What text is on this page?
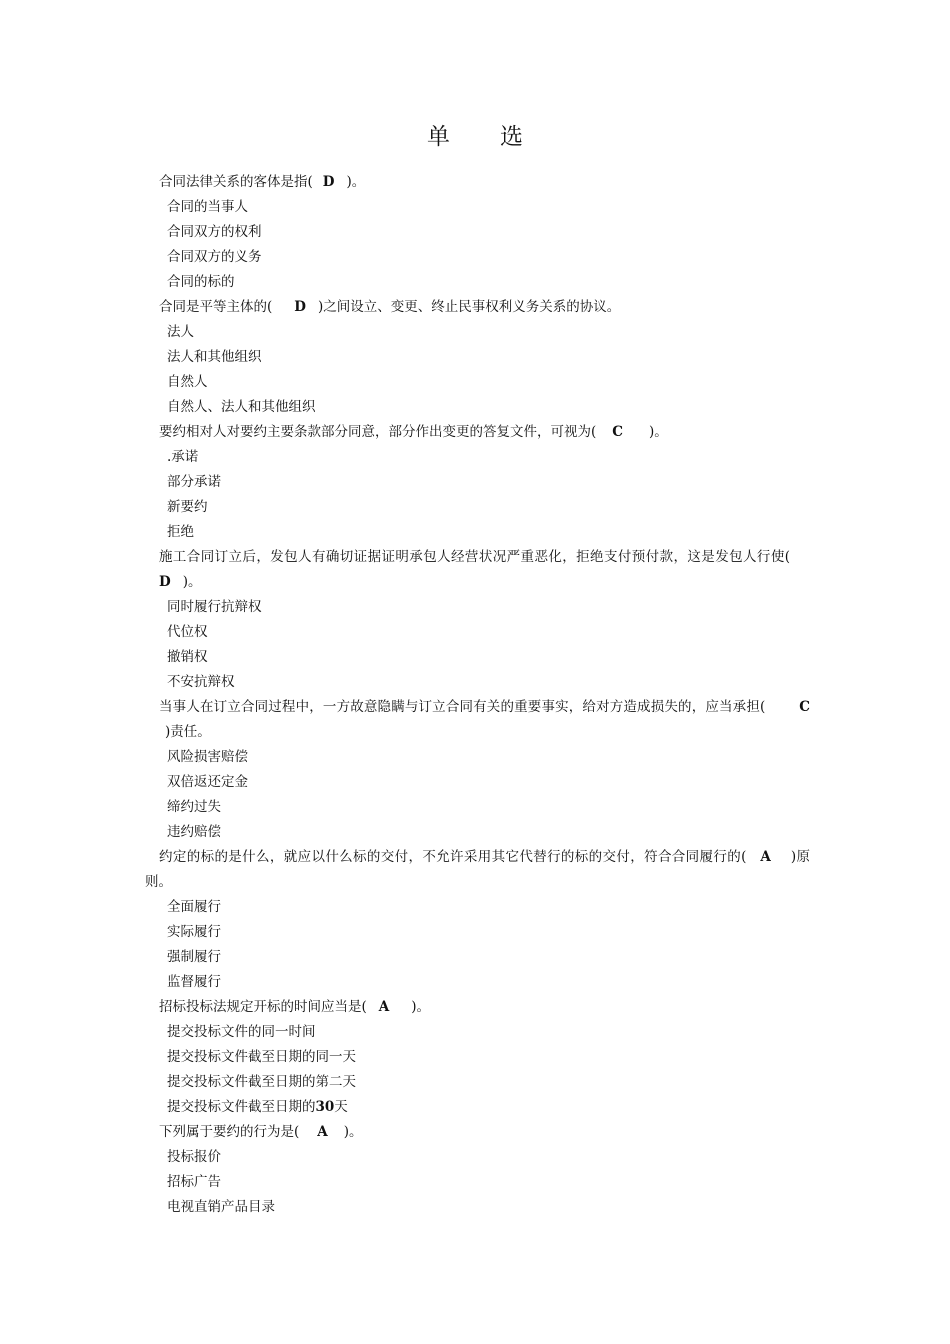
单 选
合同法律关系的客体是指( D )。
合同的当事人
合同双方的权利
合同双方的义务
合同的标的
合同是平等主体的( D )之间设立、变更、终止民事权利义务关系的协议。
法人
法人和其他组织
自然人
自然人、法人和其他组织
要约相对人对要约主要条款部分同意，部分作出变更的答复文件，可视为( C )。
.承诺
部分承诺
新要约
拒绝
施工合同订立后，发包人有确切证据证明承包人经营状况严重恶化，拒绝支付预付款，这是发包人行使(D )。
同时履行抗辩权
代位权
撤销权
不安抗辩权
当事人在订立合同过程中，一方故意隐瞒与订立合同有关的重要事实，给对方造成损失的，应当承担(	C)责任。
风险损害赔偿
双倍返还定金
缔约过失
违约赔偿
约定的标的是什么，就应以什么标的交付，不允许采用其它代替行的标的交付，符合合同履行的( A )原则。
全面履行
实际履行
强制履行
监督履行
招标投标法规定开标的时间应当是( A )。
提交投标文件的同一时间
提交投标文件截至日期的同一天
提交投标文件截至日期的第二天
提交投标文件截至日期的30天
下列属于要约的行为是( A )。
投标报价
招标广告
电视直销产品目录
